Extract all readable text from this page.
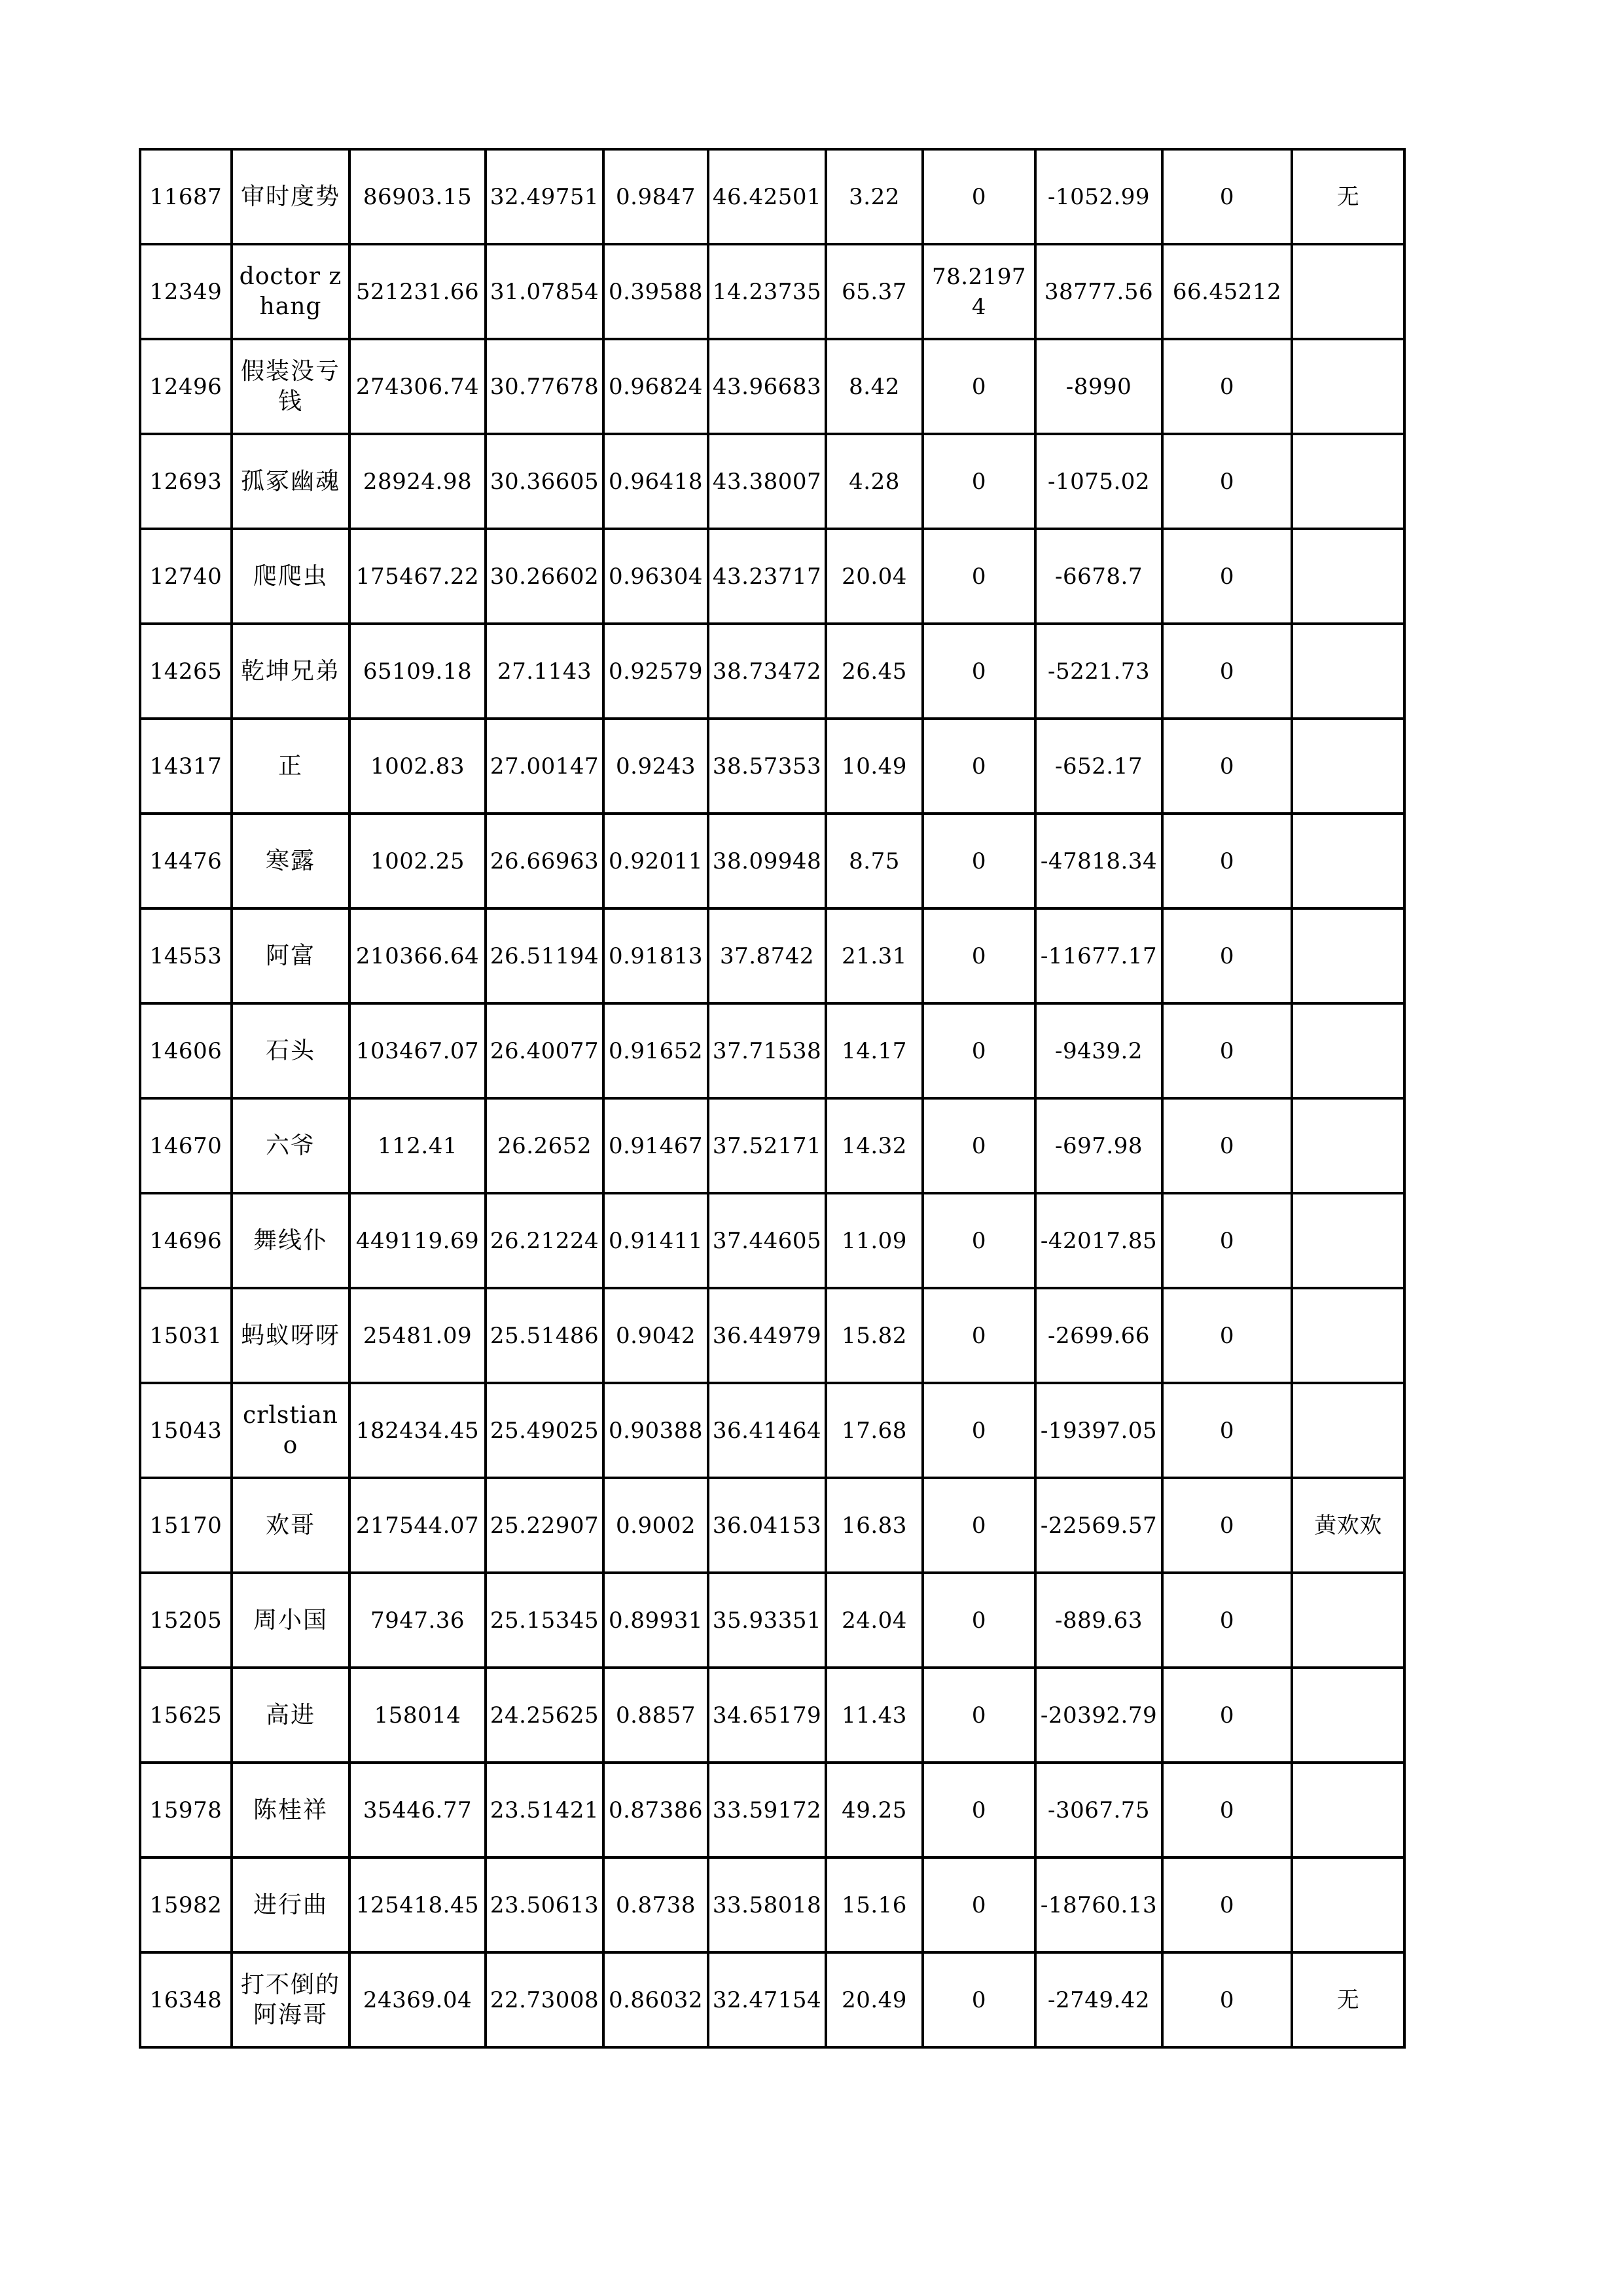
11687	审时度势	86903.15	32.49751	0.9847	46.42501	3.22	0	-1052.99	0	无
12349	doctor zhang	521231.66	31.07854	0.39588	14.23735	65.37	78.21974	38777.56	66.45212	
12496	假装没亏钱	274306.74	30.77678	0.96824	43.96683	8.42	0	-8990	0	
12693	孤冢幽魂	28924.98	30.36605	0.96418	43.38007	4.28	0	-1075.02	0	
12740	爬爬虫	175467.22	30.26602	0.96304	43.23717	20.04	0	-6678.7	0	
14265	乾坤兄弟	65109.18	27.1143	0.92579	38.73472	26.45	0	-5221.73	0	
14317	正	1002.83	27.00147	0.9243	38.57353	10.49	0	-652.17	0	
14476	寒露	1002.25	26.66963	0.92011	38.09948	8.75	0	-47818.34	0	
14553	阿富	210366.64	26.51194	0.91813	37.8742	21.31	0	-11677.17	0	
14606	石头	103467.07	26.40077	0.91652	37.71538	14.17	0	-9439.2	0	
14670	六爷	112.41	26.2652	0.91467	37.52171	14.32	0	-697.98	0	
14696	舞线仆	449119.69	26.21224	0.91411	37.44605	11.09	0	-42017.85	0	
15031	蚂蚁呀呀	25481.09	25.51486	0.9042	36.44979	15.82	0	-2699.66	0	
15043	crlstiano	182434.45	25.49025	0.90388	36.41464	17.68	0	-19397.05	0	
15170	欢哥	217544.07	25.22907	0.9002	36.04153	16.83	0	-22569.57	0	黄欢欢
15205	周小国	7947.36	25.15345	0.89931	35.93351	24.04	0	-889.63	0	
15625	高进	158014	24.25625	0.8857	34.65179	11.43	0	-20392.79	0	
15978	陈桂祥	35446.77	23.51421	0.87386	33.59172	49.25	0	-3067.75	0	
15982	进行曲	125418.45	23.50613	0.8738	33.58018	15.16	0	-18760.13	0	
16348	打不倒的阿海哥	24369.04	22.73008	0.86032	32.47154	20.49	0	-2749.42	0	无
